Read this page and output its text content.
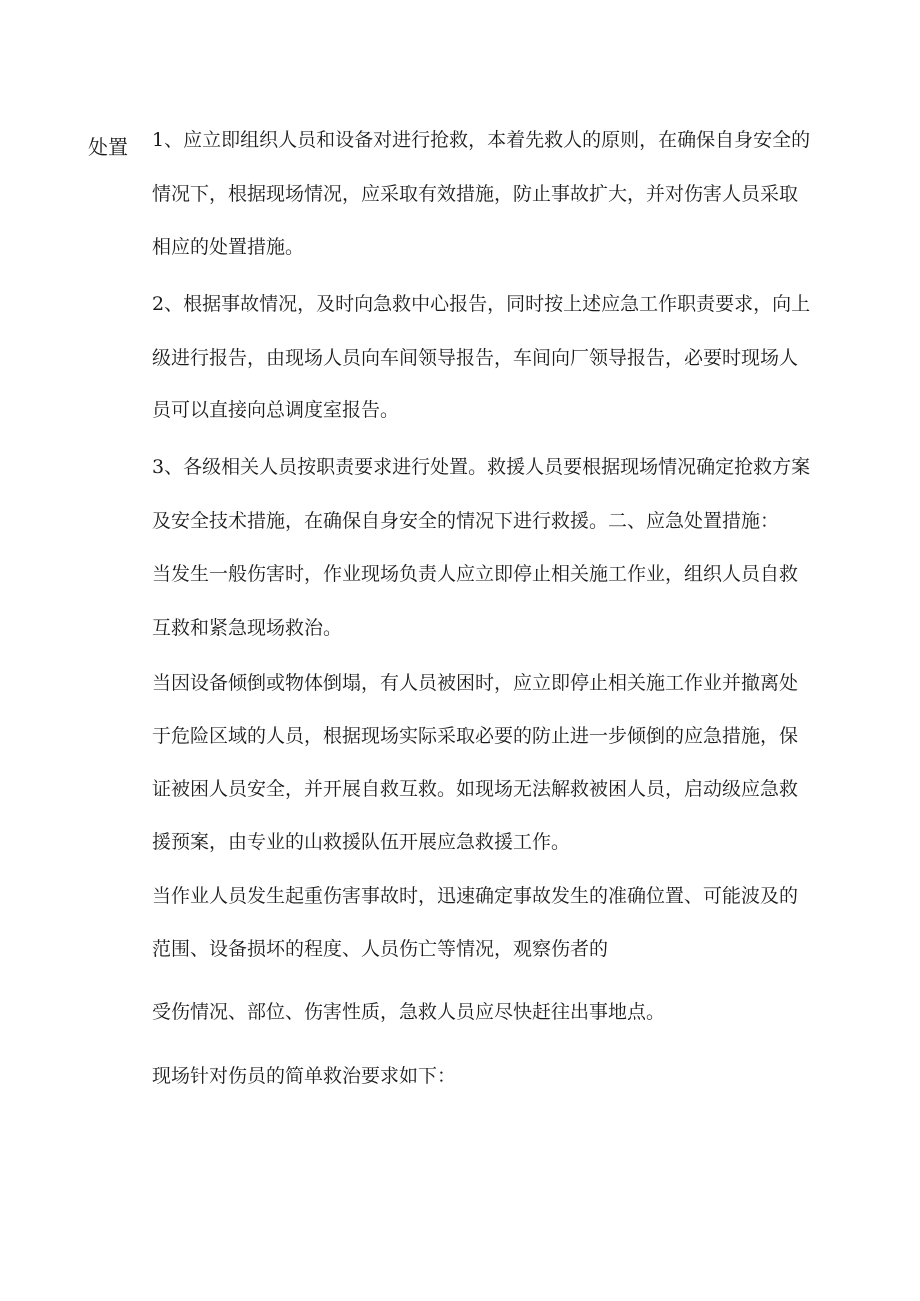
处置 1、应立即组织人员和设备对进行抢救，本着先救人的原则，在确保自身安全的
情况下，根据现场情况，应采取有效措施，防止事故扩大，并对伤害人员采取
相应的处置措施。
2、根据事故情况，及时向急救中心报告，同时按上述应急工作职责要求，向上
级进行报告，由现场人员向车间领导报告，车间向厂领导报告，必要时现场人
员可以直接向总调度室报告。
3、各级相关人员按职责要求进行处置。救援人员要根据现场情况确定抢救方案
及安全技术措施，在确保自身安全的情况下进行救援。二、应急处置措施：
当发生一般伤害时，作业现场负责人应立即停止相关施工作业，组织人员自救
互救和紧急现场救治。
当因设备倾倒或物体倒塌，有人员被困时，应立即停止相关施工作业并撤离处
于危险区域的人员，根据现场实际采取必要的防止进一步倾倒的应急措施，保
证被困人员安全，并开展自救互救。如现场无法解救被困人员，启动级应急救
援预案，由专业的山救援队伍开展应急救援工作。
当作业人员发生起重伤害事故时，迅速确定事故发生的准确位置、可能波及的
范围、设备损坏的程度、人员伤亡等情况，观察伤者的
受伤情况、部位、伤害性质，急救人员应尽快赶往出事地点。
现场针对伤员的简单救治要求如下：
